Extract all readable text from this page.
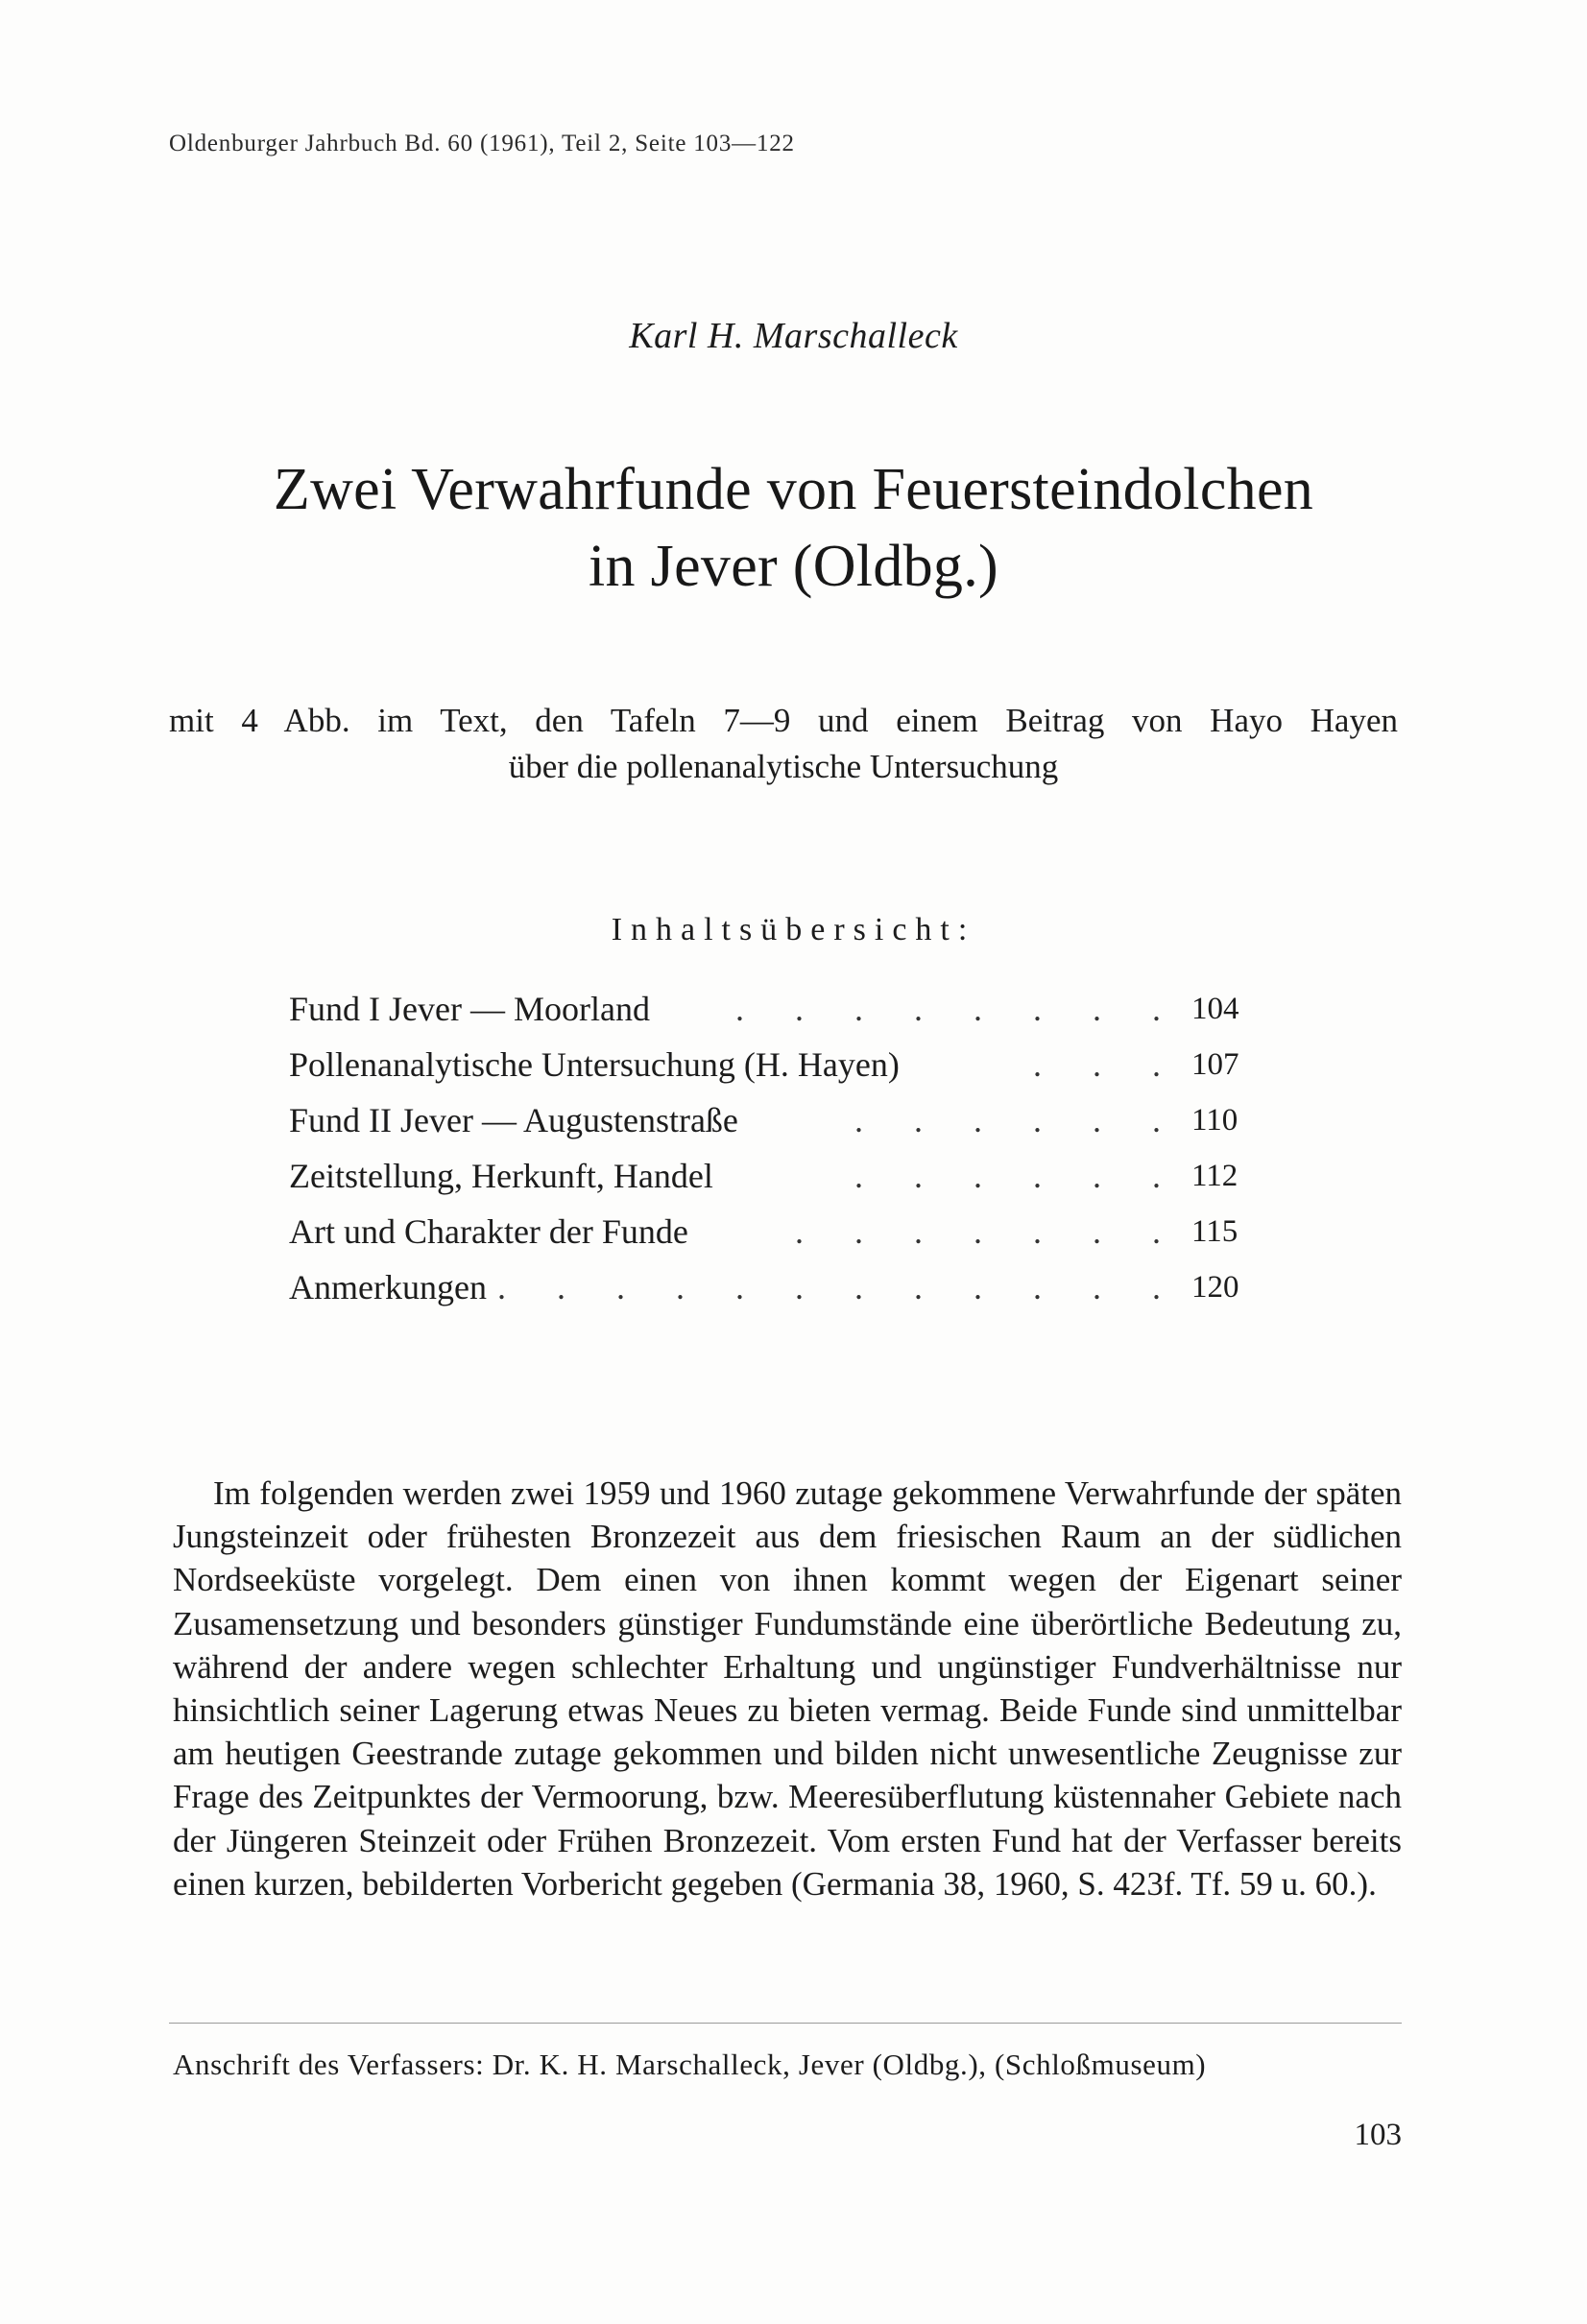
Oldenburger Jahrbuch Bd. 60 (1961), Teil 2, Seite 103—122
Karl H. Marschalleck
Zwei Verwahrfunde von Feuersteindolchen
in Jever (Oldbg.)
mit 4 Abb. im Text, den Tafeln 7—9 und einem Beitrag von Hayo Hayen
über die pollenanalytische Untersuchung
Inhaltsübersicht:
. . . . . . . .
Fund I Jever — Moorland	104
. . .
Pollenanalytische Untersuchung (H. Hayen)	107
. . . . . .
Fund II Jever — Augustenstraße	110
. . . . . .
Zeitstellung, Herkunft, Handel	112
. . . . . . .
Art und Charakter der Funde	115
. . . . . . . . . . . .
Anmerkungen	120

Im folgenden werden zwei 1959 und 1960 zutage gekommene Verwahrfunde der späten Jungsteinzeit oder frühesten Bronzezeit aus dem friesischen Raum an der südlichen Nordseeküste vorgelegt. Dem einen von ihnen kommt wegen der Eigenart seiner Zusamensetzung und besonders günstiger Fundumstände eine überörtliche Bedeutung zu, während der andere wegen schlechter Erhaltung und ungünstiger Fundverhältnisse nur hinsichtlich seiner Lagerung etwas Neues zu bieten vermag. Beide Funde sind unmittelbar am heutigen Geestrande zutage gekommen und bilden nicht unwesentliche Zeugnisse zur Frage des Zeitpunktes der Vermoorung, bzw. Meeresüberflutung küstennaher Gebiete nach der Jüngeren Steinzeit oder Frühen Bronzezeit. Vom ersten Fund hat der Verfasser bereits einen kurzen, bebilderten Vorbericht gegeben (Germania 38, 1960, S. 423f. Tf. 59 u. 60.).

Anschrift des Verfassers: Dr. K. H. Marschalleck, Jever (Oldbg.), (Schloßmuseum)
103
